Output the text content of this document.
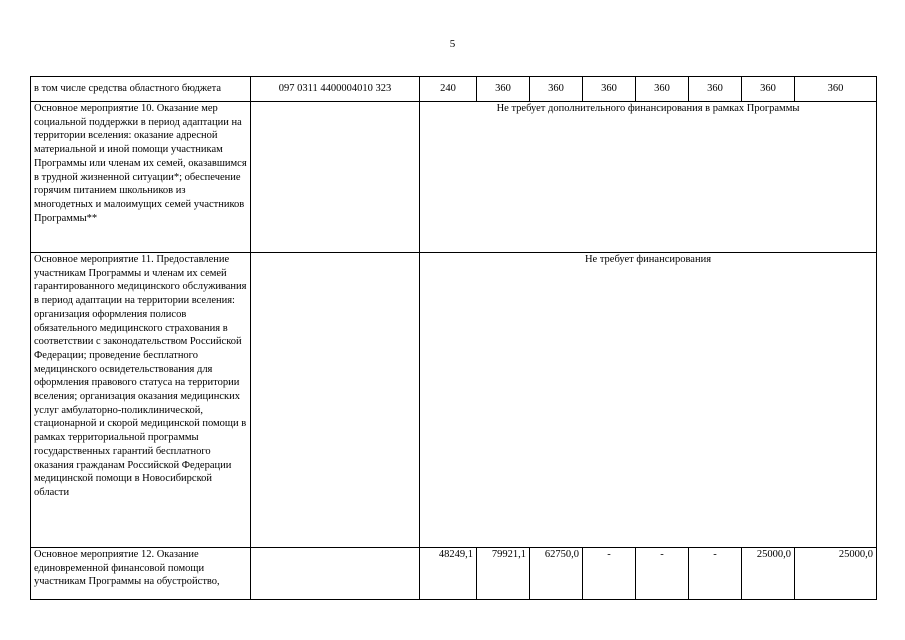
5
в том числе средства областного бюджета	097 0311 4400004010 323	240	360	360	360	360	360	360	360
Основное мероприятие 10. Оказание мер социальной поддержки в период адаптации на территории вселения: оказание адресной материальной и иной помощи участникам Программы или членам их семей, оказавшимся в трудной жизненной ситуации*; обеспечение горячим питанием школьников из многодетных и малоимущих семей участников Программы**		Не требует дополнительного финансирования в рамках Программы							
Основное мероприятие 11. Предоставление участникам Программы и членам их семей гарантированного медицинского обслуживания в период адаптации на территории вселения: организация оформления полисов обязательного медицинского страхования в соответствии с законодательством Российской Федерации; проведение бесплатного медицинского освидетельствования для оформления правового статуса на территории вселения; организация оказания медицинских услуг амбулаторно-поликлинической, стационарной и скорой медицинской помощи в рамках территориальной программы государственных гарантий бесплатного оказания гражданам Российской Федерации медицинской помощи в Новосибирской области		Не требует финансирования							
Основное мероприятие 12. Оказание единовременной финансовой помощи участникам Программы на обустройство,		48249,1	79921,1	62750,0	-	-	-	25000,0	25000,0
